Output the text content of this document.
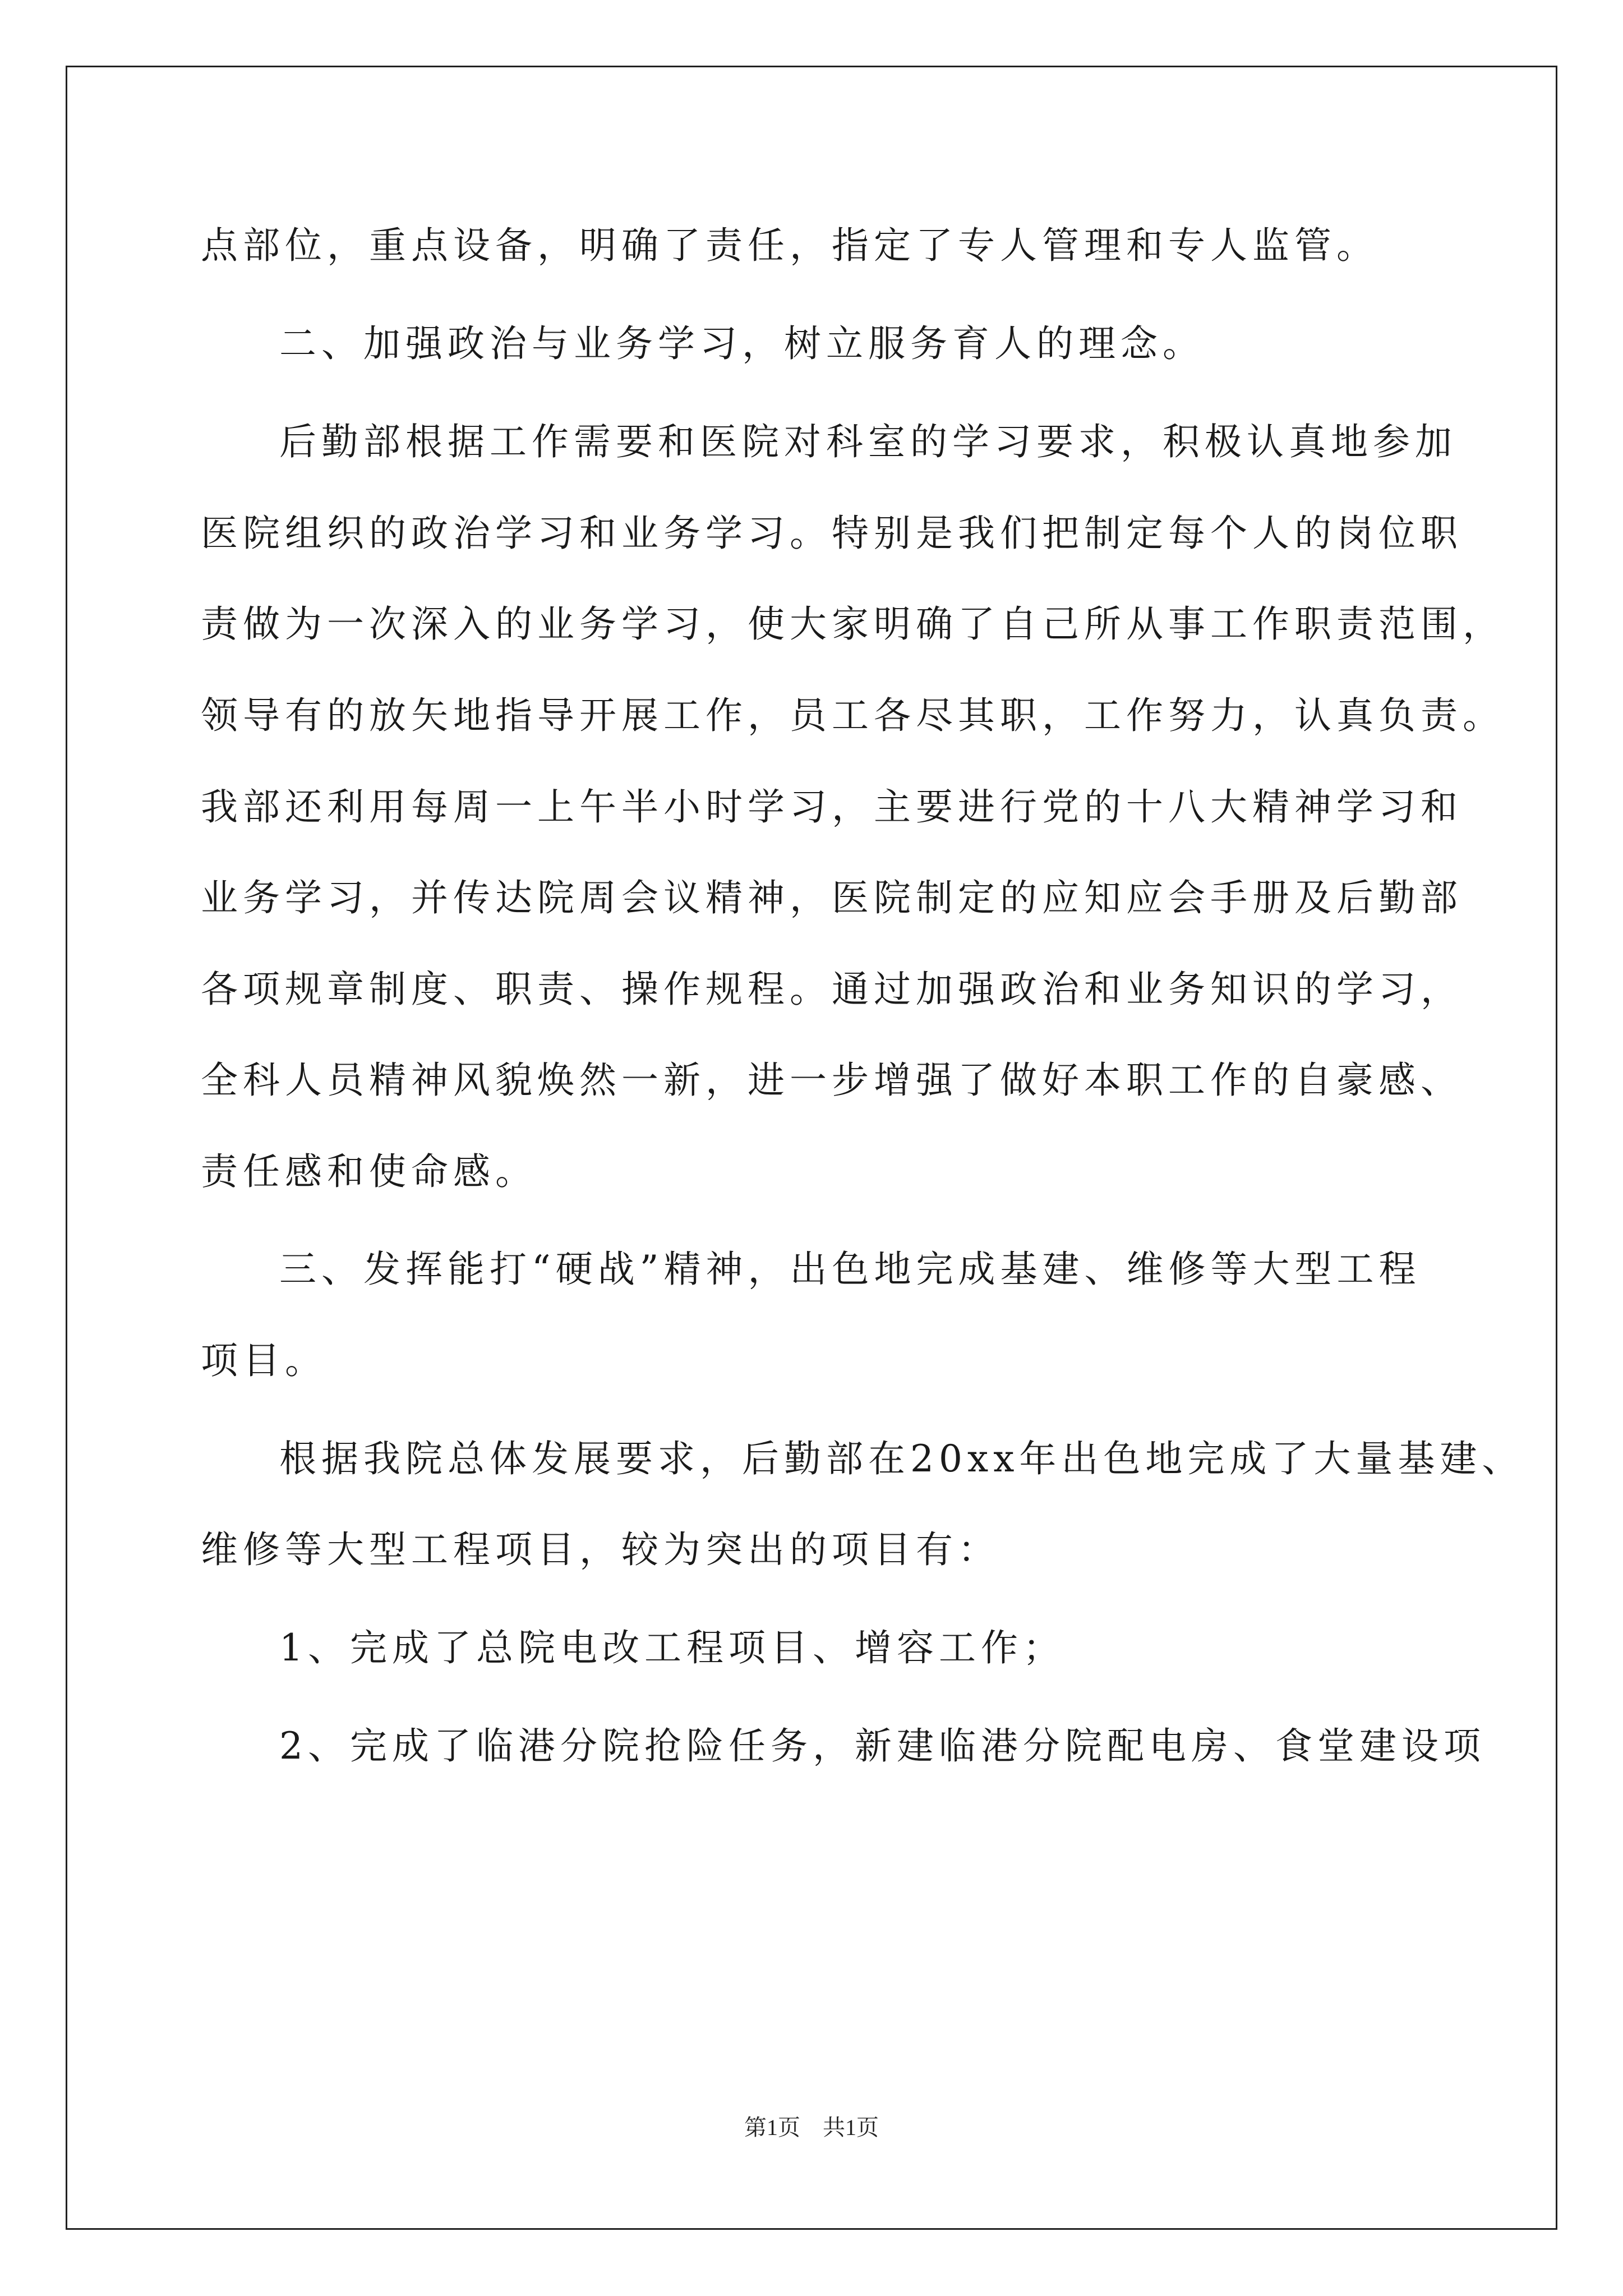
点部位，重点设备，明确了责任，指定了专人管理和专人监管。
二、加强政治与业务学习，树立服务育人的理念。
后勤部根据工作需要和医院对科室的学习要求，积极认真地参加
医院组织的政治学习和业务学习。特别是我们把制定每个人的岗位职
责做为一次深入的业务学习，使大家明确了自己所从事工作职责范围，
领导有的放矢地指导开展工作，员工各尽其职，工作努力，认真负责。
我部还利用每周一上午半小时学习，主要进行党的十八大精神学习和
业务学习，并传达院周会议精神，医院制定的应知应会手册及后勤部
各项规章制度、职责、操作规程。通过加强政治和业务知识的学习，
全科人员精神风貌焕然一新，进一步增强了做好本职工作的自豪感、
责任感和使命感。
三、发挥能打“硬战”精神，出色地完成基建、维修等大型工程
项目。
根据我院总体发展要求，后勤部在20xx年出色地完成了大量基建、
维修等大型工程项目，较为突出的项目有：
1、完成了总院电改工程项目、增容工作；
2、完成了临港分院抢险任务，新建临港分院配电房、食堂建设项
第1页　共1页
